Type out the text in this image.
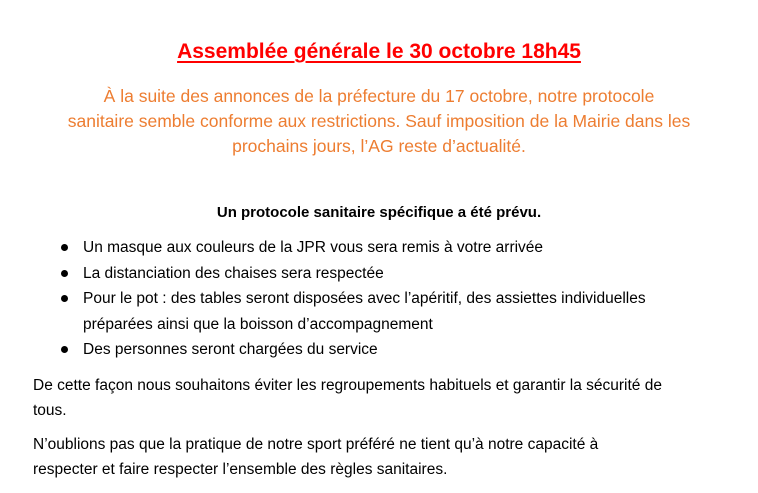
Assemblée générale le 30 octobre 18h45
À la suite des annonces de la préfecture du 17 octobre, notre protocole
sanitaire semble conforme aux restrictions. Sauf imposition de la Mairie dans les
prochains jours, l’AG reste d’actualité.
Un protocole sanitaire spécifique a été prévu.
Un masque aux couleurs de la JPR vous sera remis à votre arrivée
La distanciation des chaises sera respectée
Pour le pot : des tables seront disposées avec l’apéritif, des assiettes individuelles
préparées ainsi que la boisson d’accompagnement
Des personnes seront chargées du service
De cette façon nous souhaitons éviter les regroupements habituels et garantir la sécurité de
tous.
N’oublions pas que la pratique de notre sport préféré ne tient qu’à notre capacité à
respecter et faire respecter l’ensemble des règles sanitaires.
